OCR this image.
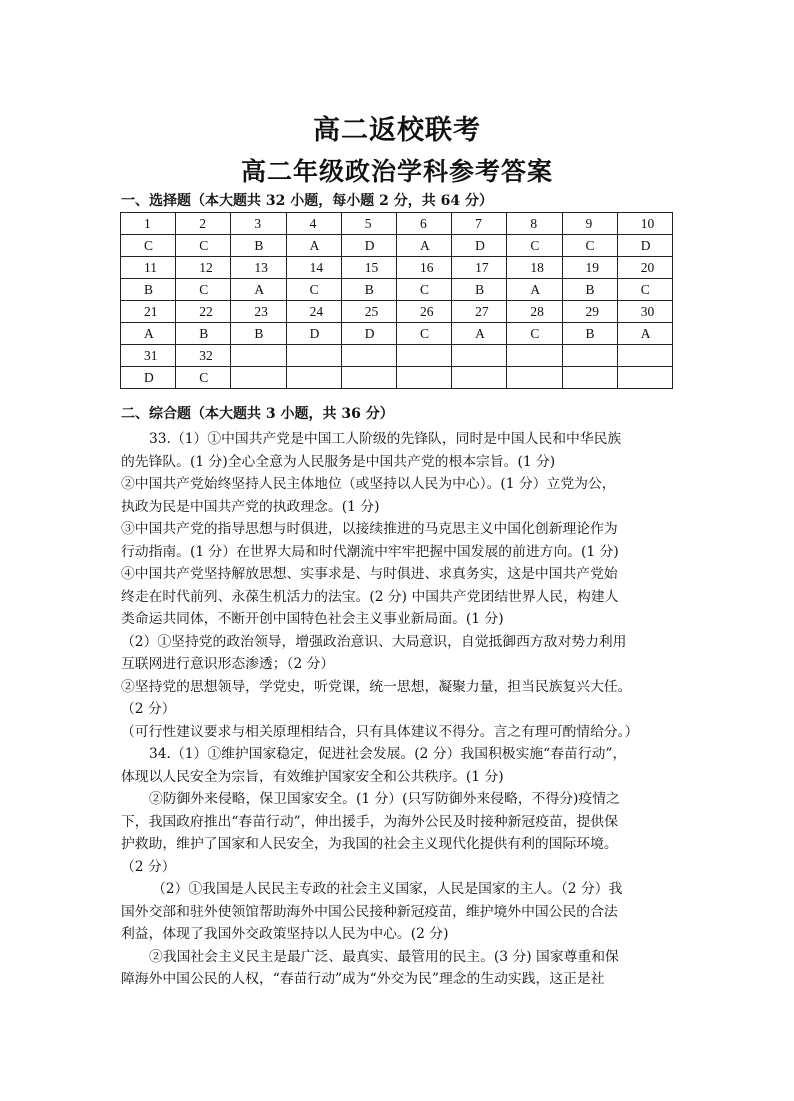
高二返校联考
高二年级政治学科参考答案
一、选择题（本大题共 32 小题，每小题 2 分，共 64 分）
1	2	3	4	5	6	7	8	9	10
C	C	B	A	D	A	D	C	C	D
11	12	13	14	15	16	17	18	19	20
B	C	A	C	B	C	B	A	B	C
21	22	23	24	25	26	27	28	29	30
A	B	B	D	D	C	A	C	B	A
31	32								
D	C								
二、综合题（本大题共 3 小题，共 36 分）

33.（1）①中国共产党是中国工人阶级的先锋队，同时是中国人民和中华民族

的先锋队。(1 分)全心全意为人民服务是中国共产党的根本宗旨。(1 分)

②中国共产党始终坚持人民主体地位（或坚持以人民为中心）。(1 分）立党为公，

执政为民是中国共产党的执政理念。(1 分)

③中国共产党的指导思想与时俱进，以接续推进的马克思主义中国化创新理论作为

行动指南。(1 分）在世界大局和时代潮流中牢牢把握中国发展的前进方向。(1 分)

④中国共产党坚持解放思想、实事求是、与时俱进、求真务实，这是中国共产党始

终走在时代前列、永葆生机活力的法宝。(2 分) 中国共产党团结世界人民，构建人

类命运共同体，不断开创中国特色社会主义事业新局面。(1 分)

（2）①坚持党的政治领导，增强政治意识、大局意识，自觉抵御西方敌对势力利用

互联网进行意识形态渗透；（2 分）

②坚持党的思想领导，学党史，听党课，统一思想，凝聚力量，担当民族复兴大任。

（2 分）

（可行性建议要求与相关原理相结合，只有具体建议不得分。言之有理可酌情给分。）

34.（1）①维护国家稳定，促进社会发展。(2 分）我国积极实施“春苗行动”，

体现以人民安全为宗旨，有效维护国家安全和公共秩序。(1 分)

②防御外来侵略，保卫国家安全。(1 分）(只写防御外来侵略，不得分)疫情之

下，我国政府推出“春苗行动”，伸出援手，为海外公民及时接种新冠疫苗，提供保

护救助，维护了国家和人民安全，为我国的社会主义现代化提供有利的国际环境。

（2 分）

（2）①我国是人民民主专政的社会主义国家，人民是国家的主人。（2 分）我

国外交部和驻外使领馆帮助海外中国公民接种新冠疫苗，维护境外中国公民的合法

利益，体现了我国外交政策坚持以人民为中心。(2 分)

②我国社会主义民主是最广泛、最真实、最管用的民主。(3 分) 国家尊重和保

障海外中国公民的人权，“春苗行动”成为“外交为民”理念的生动实践，这正是社
